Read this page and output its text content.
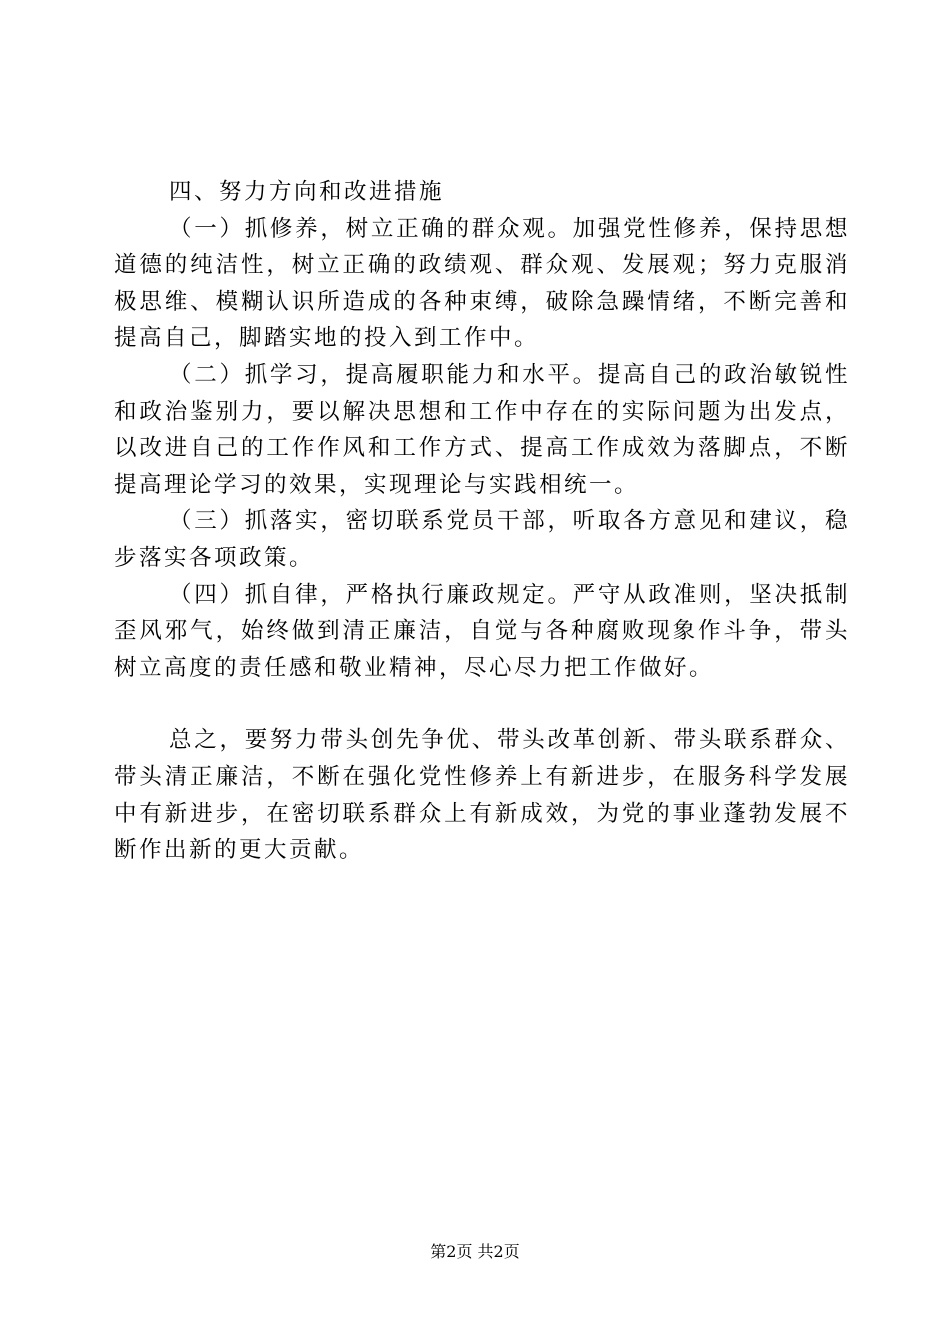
四、努力方向和改进措施

（一）抓修养，树立正确的群众观。加强党性修养，保持思想道德的纯洁性，树立正确的政绩观、群众观、发展观；努力克服消极思维、模糊认识所造成的各种束缚，破除急躁情绪，不断完善和提高自己，脚踏实地的投入到工作中。

（二）抓学习，提高履职能力和水平。提高自己的政治敏锐性和政治鉴别力，要以解决思想和工作中存在的实际问题为出发点，以改进自己的工作作风和工作方式、提高工作成效为落脚点，不断提高理论学习的效果，实现理论与实践相统一。

（三）抓落实，密切联系党员干部，听取各方意见和建议，稳步落实各项政策。

（四）抓自律，严格执行廉政规定。严守从政准则，坚决抵制歪风邪气，始终做到清正廉洁，自觉与各种腐败现象作斗争，带头树立高度的责任感和敬业精神，尽心尽力把工作做好。

总之，要努力带头创先争优、带头改革创新、带头联系群众、带头清正廉洁，不断在强化党性修养上有新进步，在服务科学发展中有新进步，在密切联系群众上有新成效，为党的事业蓬勃发展不断作出新的更大贡献。

第2页 共2页
